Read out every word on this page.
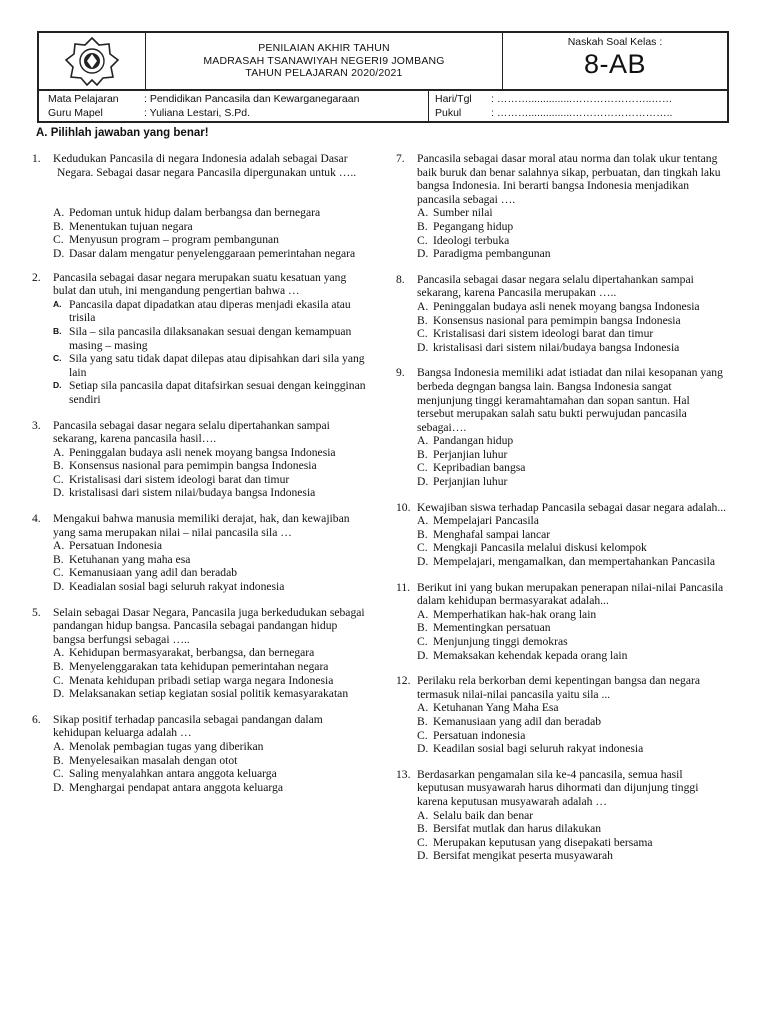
PENILAIAN AKHIR TAHUN
MADRASAH TSANAWIYAH NEGERI9 JOMBANG
TAHUN PELAJARAN 2020/2021
Naskah Soal Kelas :
8-AB
Mata Pelajaran : Pendidikan Pancasila dan Kewarganegaraan
Guru Mapel	: Yuliana Lestari, S.Pd.
Hari/Tgl : ………...............…………………..……
Pukul	: ………...............………………………..
A. Pilihlah jawaban yang benar!
1. Kedudukan Pancasila di negara Indonesia adalah sebagai Dasar Negara. Sebagai dasar negara Pancasila dipergunakan untuk …..
A. Pedoman untuk hidup dalam berbangsa dan bernegara
B. Menentukan tujuan negara
C. Menyusun program – program pembangunan
D. Dasar dalam mengatur penyelenggaraan pemerintahan negara
2. Pancasila sebagai dasar negara merupakan suatu kesatuan yang bulat dan utuh, ini mengandung pengertian bahwa …
A. Pancasila dapat dipadatkan atau diperas menjadi ekasila atau trisila
B. Sila – sila pancasila dilaksanakan sesuai dengan kemampuan masing – masing
C. Sila yang satu tidak dapat dilepas atau dipisahkan dari sila yang lain
D. Setiap sila pancasila dapat ditafsirkan sesuai dengan keingginan sendiri
3. Pancasila sebagai dasar negara selalu dipertahankan sampai sekarang, karena pancasila hasil….
A. Peninggalan budaya asli nenek moyang bangsa Indonesia
B. Konsensus nasional para pemimpin bangsa Indonesia
C. Kristalisasi dari sistem ideologi barat dan timur
D. kristalisasi dari sistem nilai/budaya bangsa Indonesia
4. Mengakui bahwa manusia memiliki derajat, hak, dan kewajiban yang sama merupakan nilai – nilai pancasila sila …
A. Persatuan Indonesia
B. Ketuhanan yang maha esa
C. Kemanusiaan yang adil dan beradab
D. Keadialan sosial bagi seluruh rakyat indonesia
5. Selain sebagai Dasar Negara, Pancasila juga berkedudukan sebagai pandangan hidup bangsa. Pancasila sebagai pandangan hidup bangsa berfungsi sebagai …..
A. Kehidupan bermasyarakat, berbangsa, dan bernegara
B. Menyelenggarakan tata kehidupan pemerintahan negara
C. Menata kehidupan pribadi setiap warga negara Indonesia
D. Melaksanakan setiap kegiatan sosial politik kemasyarakatan
6. Sikap positif terhadap pancasila sebagai pandangan dalam kehidupan keluarga adalah …
A. Menolak pembagian tugas yang diberikan
B. Menyelesaikan masalah dengan otot
C. Saling menyalahkan antara anggota keluarga
D. Menghargai pendapat antara anggota keluarga
7. Pancasila sebagai dasar moral atau norma dan tolak ukur tentang baik buruk dan benar salahnya sikap, perbuatan, dan tingkah laku bangsa Indonesia. Ini berarti bangsa Indonesia menjadikan pancasila sebagai ….
A. Sumber nilai
B. Pegangang hidup
C. Ideologi terbuka
D. Paradigma pembangunan
8. Pancasila sebagai dasar negara selalu dipertahankan sampai sekarang, karena Pancasila merupakan …..
A. Peninggalan budaya asli nenek moyang bangsa Indonesia
B. Konsensus nasional para pemimpin bangsa Indonesia
C. Kristalisasi dari sistem ideologi barat dan timur
D. kristalisasi dari sistem nilai/budaya bangsa Indonesia
9. Bangsa Indonesia memiliki adat istiadat dan nilai kesopanan yang berbeda degngan bangsa lain. Bangsa Indonesia sangat menjunjung tinggi keramahtamahan dan sopan santun. Hal tersebut merupakan salah satu bukti perwujudan pancasila sebagai….
A. Pandangan hidup
B. Perjanjian luhur
C. Kepribadian bangsa
D. Perjanjian luhur
10. Kewajiban siswa terhadap Pancasila sebagai dasar negara adalah...
A. Mempelajari Pancasila
B. Menghafal sampai lancar
C. Mengkaji Pancasila melalui diskusi kelompok
D. Mempelajari, mengamalkan, dan mempertahankan Pancasila
11. Berikut ini yang bukan merupakan penerapan nilai-nilai Pancasila dalam kehidupan bermasyarakat adalah...
A. Memperhatikan hak-hak orang lain
B. Mementingkan persatuan
C. Menjunjung tinggi demokras
D. Memaksakan kehendak kepada orang lain
12. Perilaku rela berkorban demi kepentingan bangsa dan negara termasuk nilai-nilai pancasila yaitu sila ...
A. Ketuhanan Yang Maha Esa
B. Kemanusiaan yang adil dan beradab
C. Persatuan indonesia
D. Keadilan sosial bagi seluruh rakyat indonesia
13. Berdasarkan pengamalan sila ke-4 pancasila, semua hasil keputusan musyawarah harus dihormati dan dijunjung tinggi karena keputusan musyawarah adalah …
A. Selalu baik dan benar
B. Bersifat mutlak dan harus dilakukan
C. Merupakan keputusan yang disepakati bersama
D. Bersifat mengikat peserta musyawarah
